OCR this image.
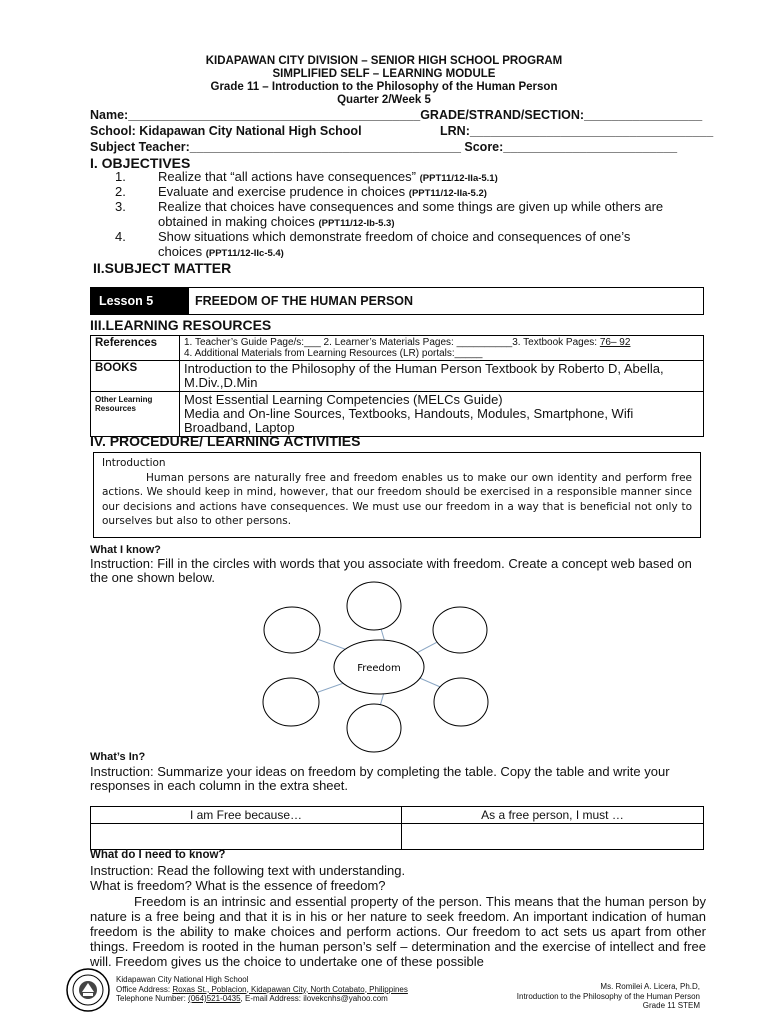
KIDAPAWAN CITY DIVISION – SENIOR HIGH SCHOOL PROGRAM
SIMPLIFIED SELF – LEARNING MODULE
Grade 11 – Introduction to the Philosophy of the Human Person
Quarter 2/Week 5
Name:__________________________________________GRADE/STRAND/SECTION:_________________
School: Kidapawan City National High School	LRN:___________________________________
Subject Teacher:_______________________________________ Score:_________________________
I. OBJECTIVES
1. Realize that “all actions have consequences” (PPT11/12-IIa-5.1)
2. Evaluate and exercise prudence in choices (PPT11/12-IIa-5.2)
3. Realize that choices have consequences and some things are given up while others are
obtained in making choices (PPT11/12-Ib-5.3)
4. Show situations which demonstrate freedom of choice and consequences of one’s
choices (PPT11/12-IIc-5.4)
II.SUBJECT MATTER
Lesson 5	FREEDOM OF THE HUMAN PERSON
III.LEARNING RESOURCES
References	1. Teacher’s Guide Page/s:___ 2. Learner’s Materials Pages: __________3. Textbook Pages: 76– 92
4. Additional Materials from Learning Resources (LR) portals:_____
BOOKS	Introduction to the Philosophy of the Human Person Textbook by Roberto D, Abella, M.Div.,D.Min
Other Learning Resources	Most Essential Learning Competencies (MELCs Guide)
Media and On-line Sources, Textbooks, Handouts, Modules, Smartphone, Wifi Broadband, Laptop
IV. PROCEDURE/ LEARNING ACTIVITIES
Introduction

Human persons are naturally free and freedom enables us to make our own identity and perform free actions. We should keep in mind, however, that our freedom should be exercised in a responsible manner since our decisions and actions have consequences. We must use our freedom in a way that is beneficial not only to ourselves but also to other persons.

What I know?
Instruction: Fill in the circles with words that you associate with freedom. Create a concept web based on the one shown below.
Freedom
What’s In?
Instruction: Summarize your ideas on freedom by completing the table. Copy the table and write your responses in each column in the extra sheet.
I am Free because…	As a free person, I must …

What do I need to know?
Instruction: Read the following text with understanding.
What is freedom? What is the essence of freedom?
Freedom is an intrinsic and essential property of the person. This means that the human person by nature is a free being and that it is in his or her nature to seek freedom. An important indication of human freedom is the ability to make choices and perform actions. Our freedom to act sets us apart from other things. Freedom is rooted in the human person’s self – determination and the exercise of intellect and free will. Freedom gives us the choice to undertake one of these possible
Kidapawan City National High School
Office Address: Roxas St., Poblacion, Kidapawan City, North Cotabato, Philippines
Telephone Number: (064)521-0435, E-mail Address: ilovekcnhs@yahoo.com
Ms. Romilei A. Licera, Ph.D,
Introduction to the Philosophy of the Human Person
Grade 11 STEM
